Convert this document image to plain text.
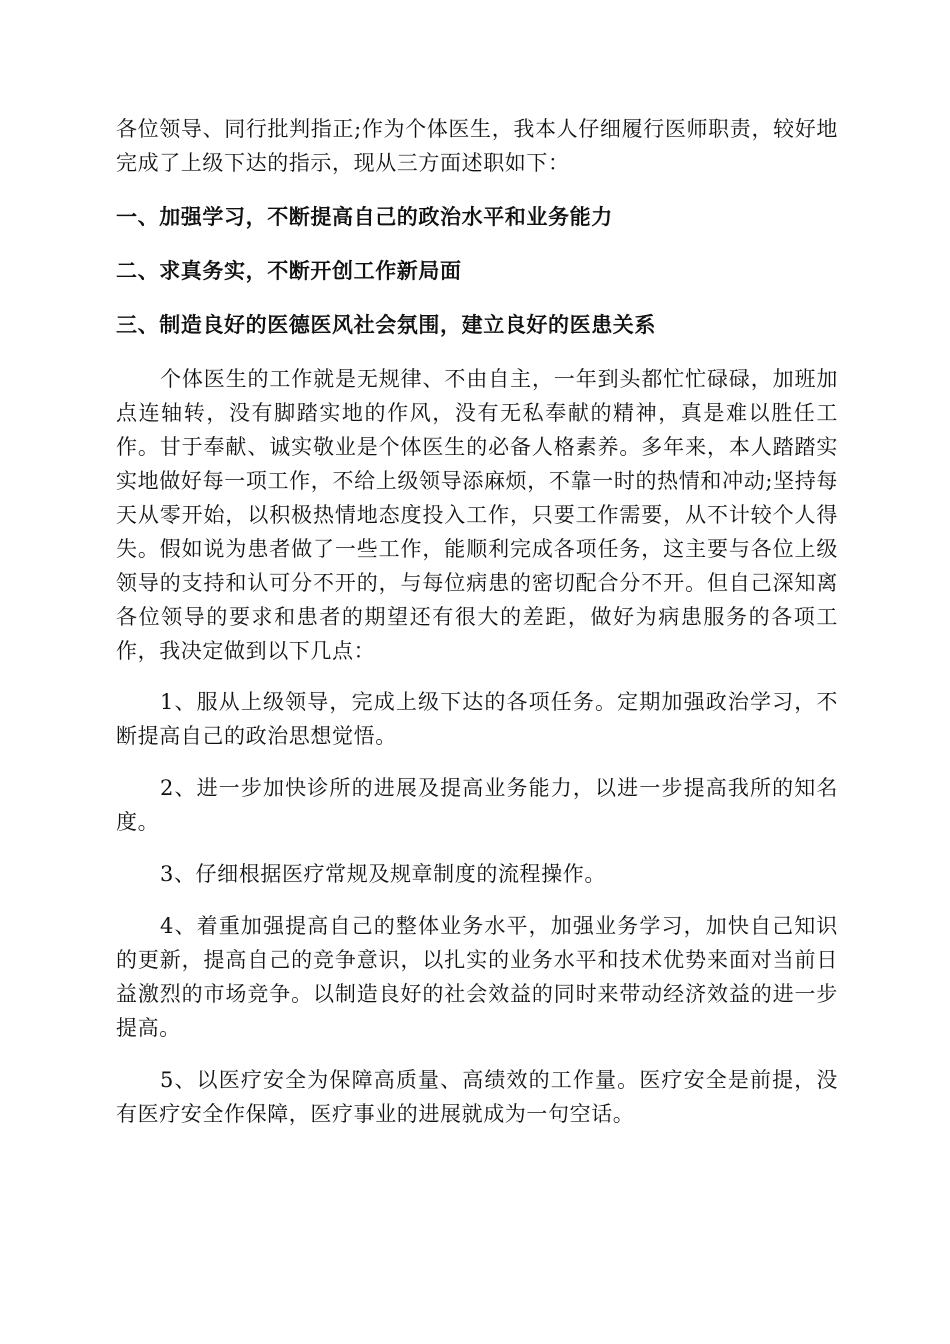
各位领导、同行批判指正;作为个体医生，我本人仔细履行医师职责，较好地完成了上级下达的指示，现从三方面述职如下：

一、加强学习，不断提高自己的政治水平和业务能力

二、求真务实，不断开创工作新局面

三、制造良好的医德医风社会氛围，建立良好的医患关系

个体医生的工作就是无规律、不由自主，一年到头都忙忙碌碌，加班加点连轴转，没有脚踏实地的作风，没有无私奉献的精神，真是难以胜任工作。甘于奉献、诚实敬业是个体医生的必备人格素养。多年来，本人踏踏实实地做好每一项工作，不给上级领导添麻烦，不靠一时的热情和冲动;坚持每天从零开始，以积极热情地态度投入工作，只要工作需要，从不计较个人得失。假如说为患者做了一些工作，能顺利完成各项任务，这主要与各位上级领导的支持和认可分不开的，与每位病患的密切配合分不开。但自己深知离各位领导的要求和患者的期望还有很大的差距，做好为病患服务的各项工作，我决定做到以下几点：

1、服从上级领导，完成上级下达的各项任务。定期加强政治学习，不断提高自己的政治思想觉悟。

2、进一步加快诊所的进展及提高业务能力，以进一步提高我所的知名度。

3、仔细根据医疗常规及规章制度的流程操作。

4、着重加强提高自己的整体业务水平，加强业务学习，加快自己知识的更新，提高自己的竞争意识，以扎实的业务水平和技术优势来面对当前日益激烈的市场竞争。以制造良好的社会效益的同时来带动经济效益的进一步提高。

5、以医疗安全为保障高质量、高绩效的工作量。医疗安全是前提，没有医疗安全作保障，医疗事业的进展就成为一句空话。
